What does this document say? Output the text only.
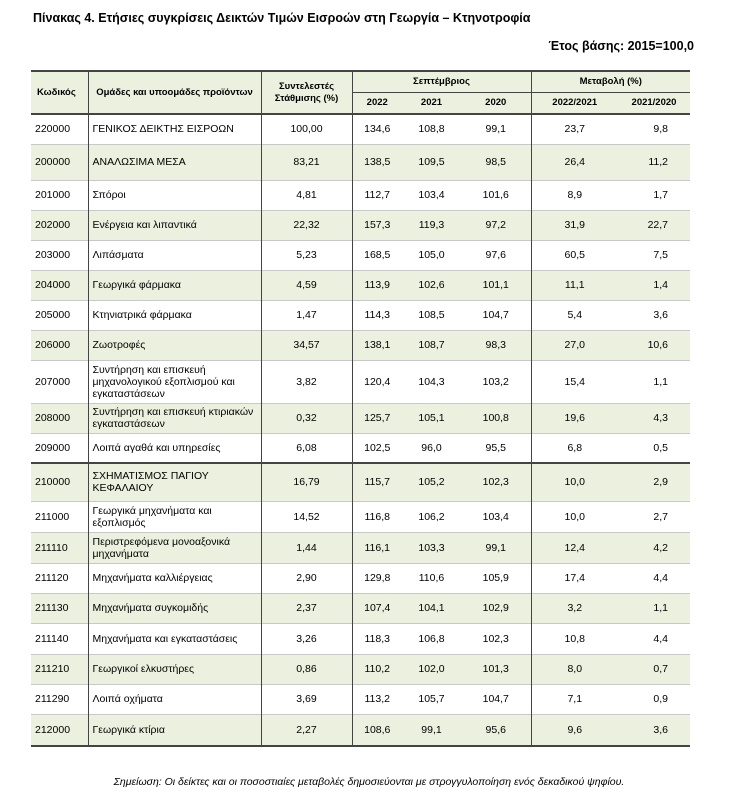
Πίνακας 4. Ετήσιες συγκρίσεις Δεικτών Τιμών Εισροών στη Γεωργία – Κτηνοτροφία
Έτος βάσης: 2015=100,0
Κωδικός	Ομάδες και υποομάδες προϊόντων	Συντελεστές Στάθμισης (%)	Σεπτέμβριος			Μεταβολή (%)	
			2022	2021	2020	2022/2021	2021/2020
220000	ΓΕΝΙΚΟΣ ΔΕΙΚΤΗΣ ΕΙΣΡΟΩΝ	100,00	134,6	108,8	99,1	23,7	9,8
200000	ΑΝΑΛΩΣΙΜΑ ΜΕΣΑ	83,21	138,5	109,5	98,5	26,4	11,2
201000	Σπόροι	4,81	112,7	103,4	101,6	8,9	1,7
202000	Ενέργεια και λιπαντικά	22,32	157,3	119,3	97,2	31,9	22,7
203000	Λιπάσματα	5,23	168,5	105,0	97,6	60,5	7,5
204000	Γεωργικά φάρμακα	4,59	113,9	102,6	101,1	11,1	1,4
205000	Κτηνιατρικά φάρμακα	1,47	114,3	108,5	104,7	5,4	3,6
206000	Ζωοτροφές	34,57	138,1	108,7	98,3	27,0	10,6
207000	Συντήρηση και επισκευή μηχανολογικού εξοπλισμού και εγκαταστάσεων	3,82	120,4	104,3	103,2	15,4	1,1
208000	Συντήρηση και επισκευή κτιριακών εγκαταστάσεων	0,32	125,7	105,1	100,8	19,6	4,3
209000	Λοιπά αγαθά και υπηρεσίες	6,08	102,5	96,0	95,5	6,8	0,5
210000	ΣΧΗΜΑΤΙΣΜΟΣ ΠΑΓΙΟΥ ΚΕΦΑΛΑΙΟΥ	16,79	115,7	105,2	102,3	10,0	2,9
211000	Γεωργικά μηχανήματα και εξοπλισμός	14,52	116,8	106,2	103,4	10,0	2,7
211110	Περιστρεφόμενα μονοαξονικά μηχανήματα	1,44	116,1	103,3	99,1	12,4	4,2
211120	Μηχανήματα καλλιέργειας	2,90	129,8	110,6	105,9	17,4	4,4
211130	Μηχανήματα συγκομιδής	2,37	107,4	104,1	102,9	3,2	1,1
211140	Μηχανήματα και εγκαταστάσεις	3,26	118,3	106,8	102,3	10,8	4,4
211210	Γεωργικοί ελκυστήρες	0,86	110,2	102,0	101,3	8,0	0,7
211290	Λοιπά οχήματα	3,69	113,2	105,7	104,7	7,1	0,9
212000	Γεωργικά κτίρια	2,27	108,6	99,1	95,6	9,6	3,6
Σημείωση: Οι δείκτες και οι ποσοστιαίες μεταβολές δημοσιεύονται με στρογγυλοποίηση ενός δεκαδικού ψηφίου.
